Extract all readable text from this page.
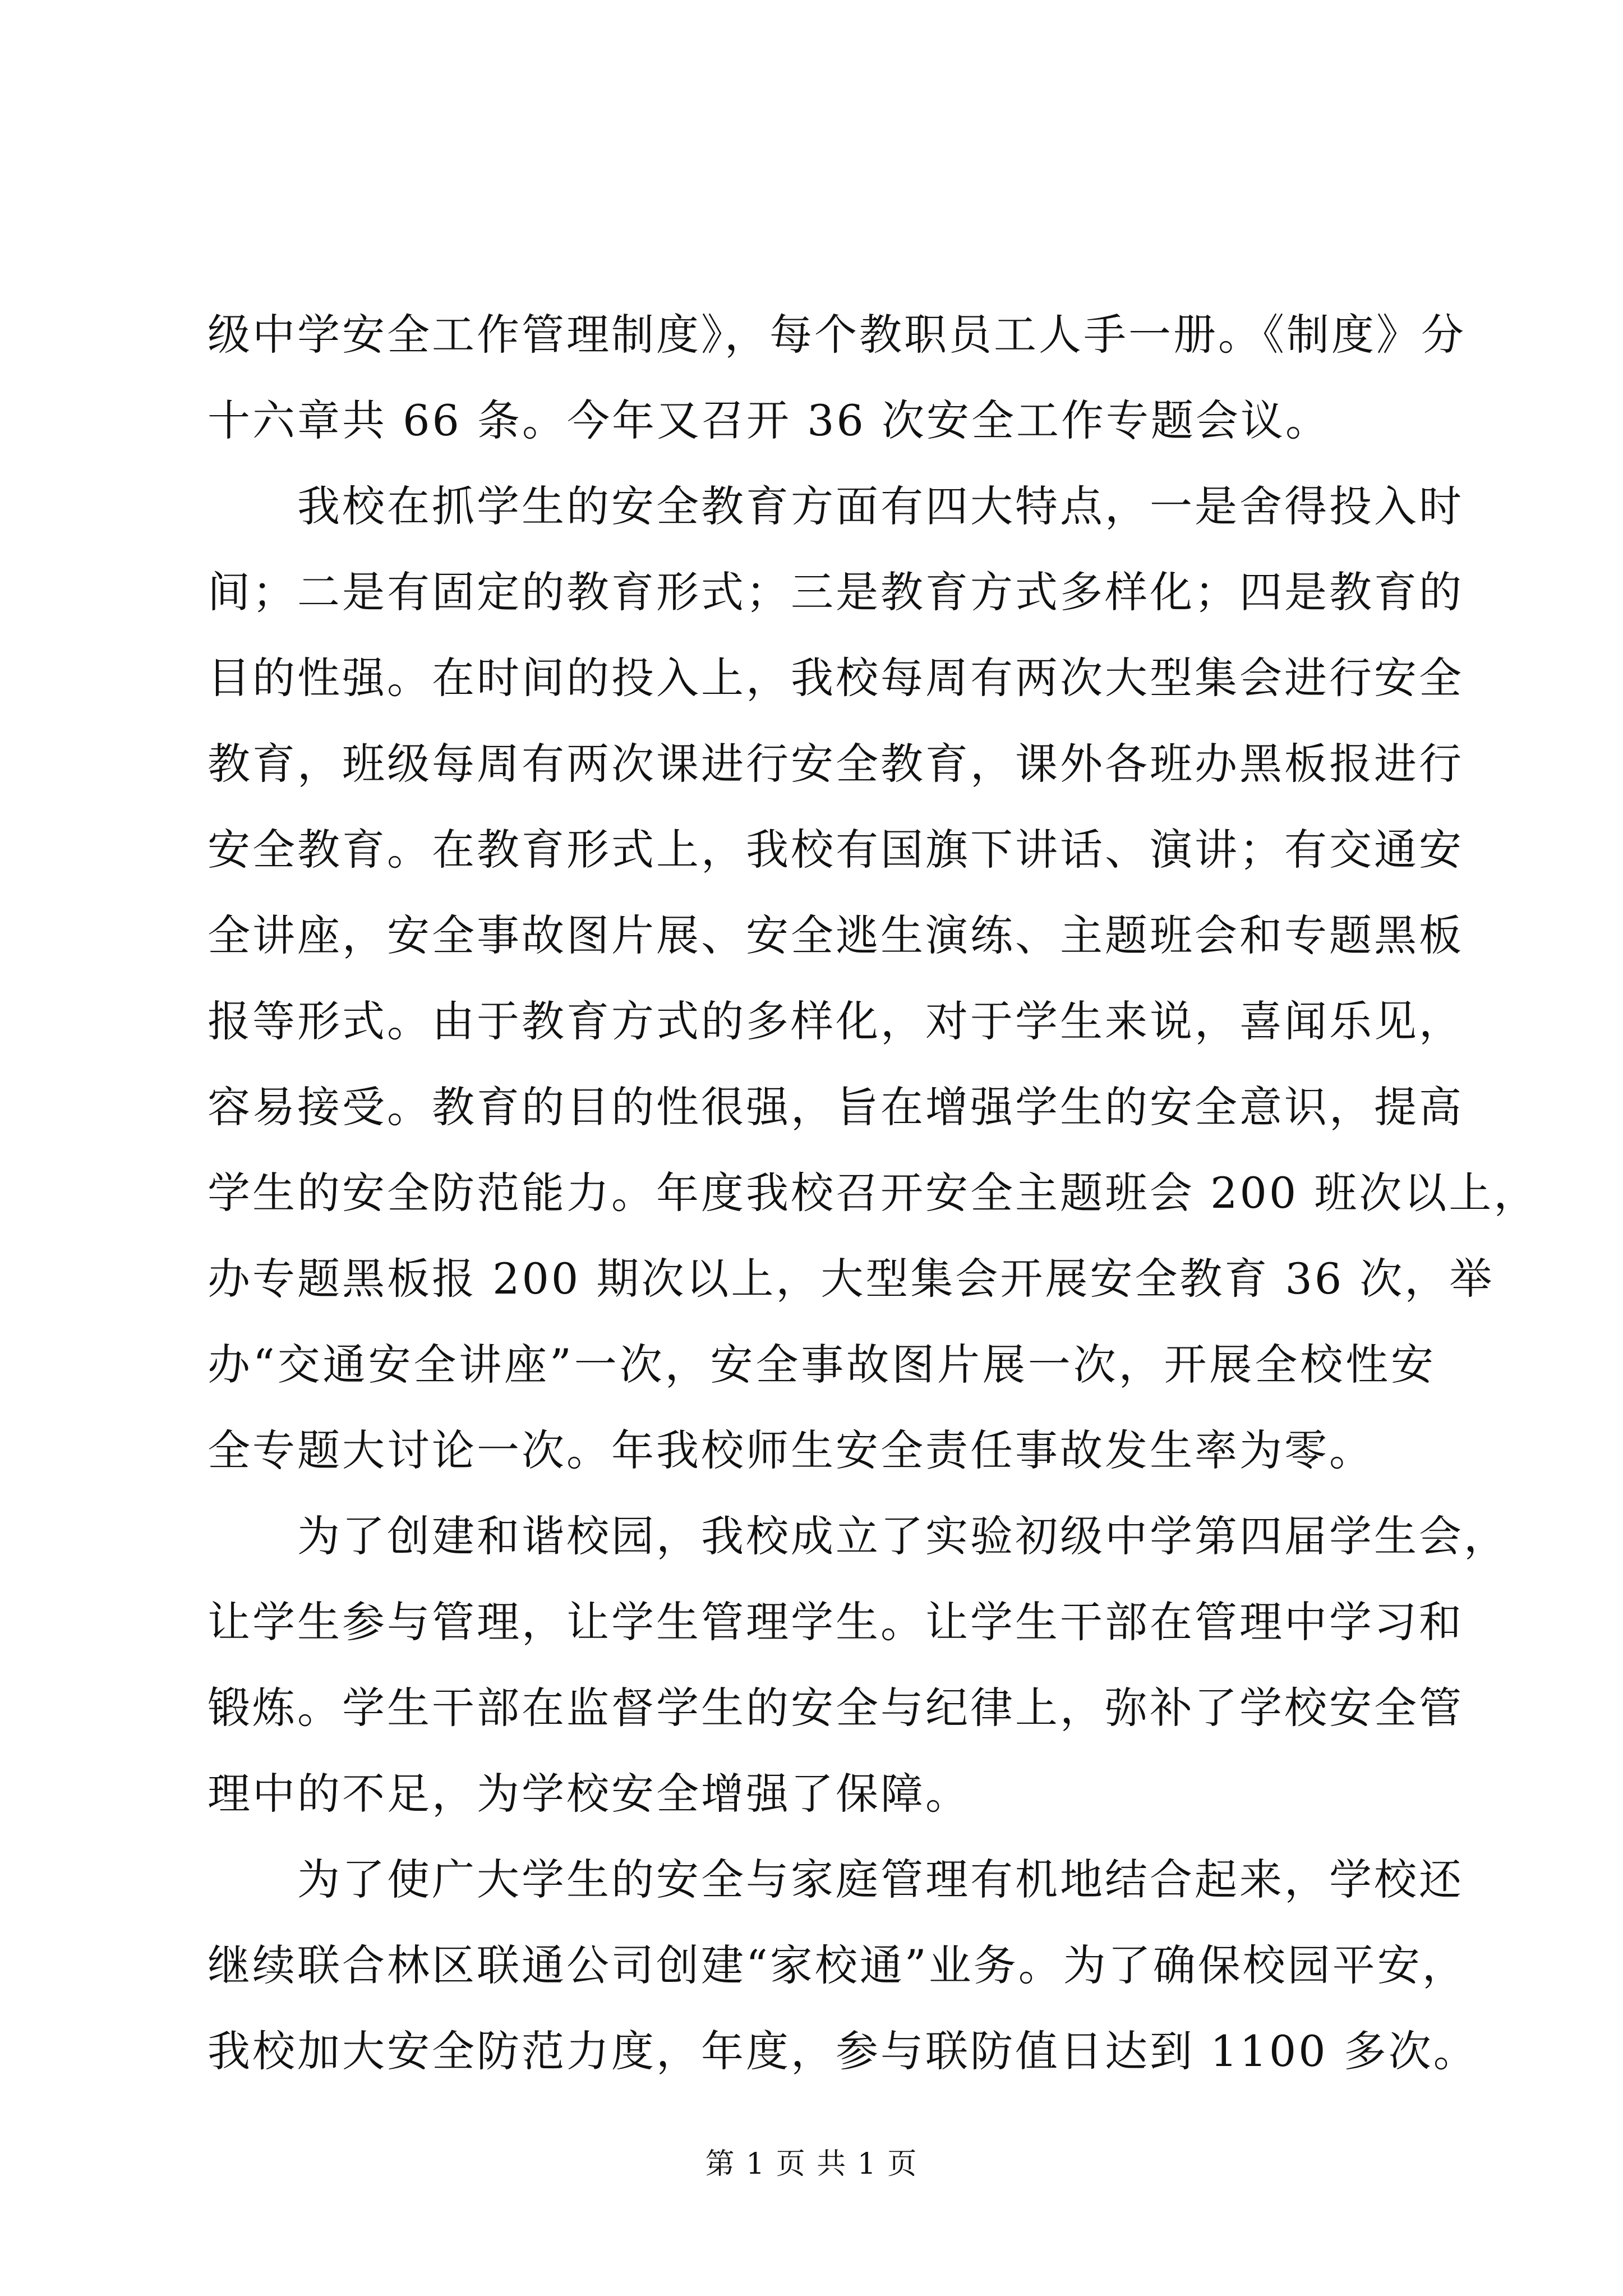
级中学安全工作管理制度》，每个教职员工人手一册。《制度》分
十六章共 66 条。今年又召开 36 次安全工作专题会议。

我校在抓学生的安全教育方面有四大特点，一是舍得投入时
间；二是有固定的教育形式；三是教育方式多样化；四是教育的
目的性强。在时间的投入上，我校每周有两次大型集会进行安全
教育，班级每周有两次课进行安全教育，课外各班办黑板报进行
安全教育。在教育形式上，我校有国旗下讲话、演讲；有交通安
全讲座，安全事故图片展、安全逃生演练、主题班会和专题黑板
报等形式。由于教育方式的多样化，对于学生来说，喜闻乐见，
容易接受。教育的目的性很强，旨在增强学生的安全意识，提高
学生的安全防范能力。年度我校召开安全主题班会 200 班次以上，
办专题黑板报 200 期次以上，大型集会开展安全教育 36 次，举
办“交通安全讲座”一次，安全事故图片展一次，开展全校性安
全专题大讨论一次。年我校师生安全责任事故发生率为零。

为了创建和谐校园，我校成立了实验初级中学第四届学生会，
让学生参与管理，让学生管理学生。让学生干部在管理中学习和
锻炼。学生干部在监督学生的安全与纪律上，弥补了学校安全管
理中的不足，为学校安全增强了保障。

为了使广大学生的安全与家庭管理有机地结合起来，学校还
继续联合林区联通公司创建“家校通”业务。为了确保校园平安，
我校加大安全防范力度，年度，参与联防值日达到 1100 多次。

第 1 页 共 1 页
